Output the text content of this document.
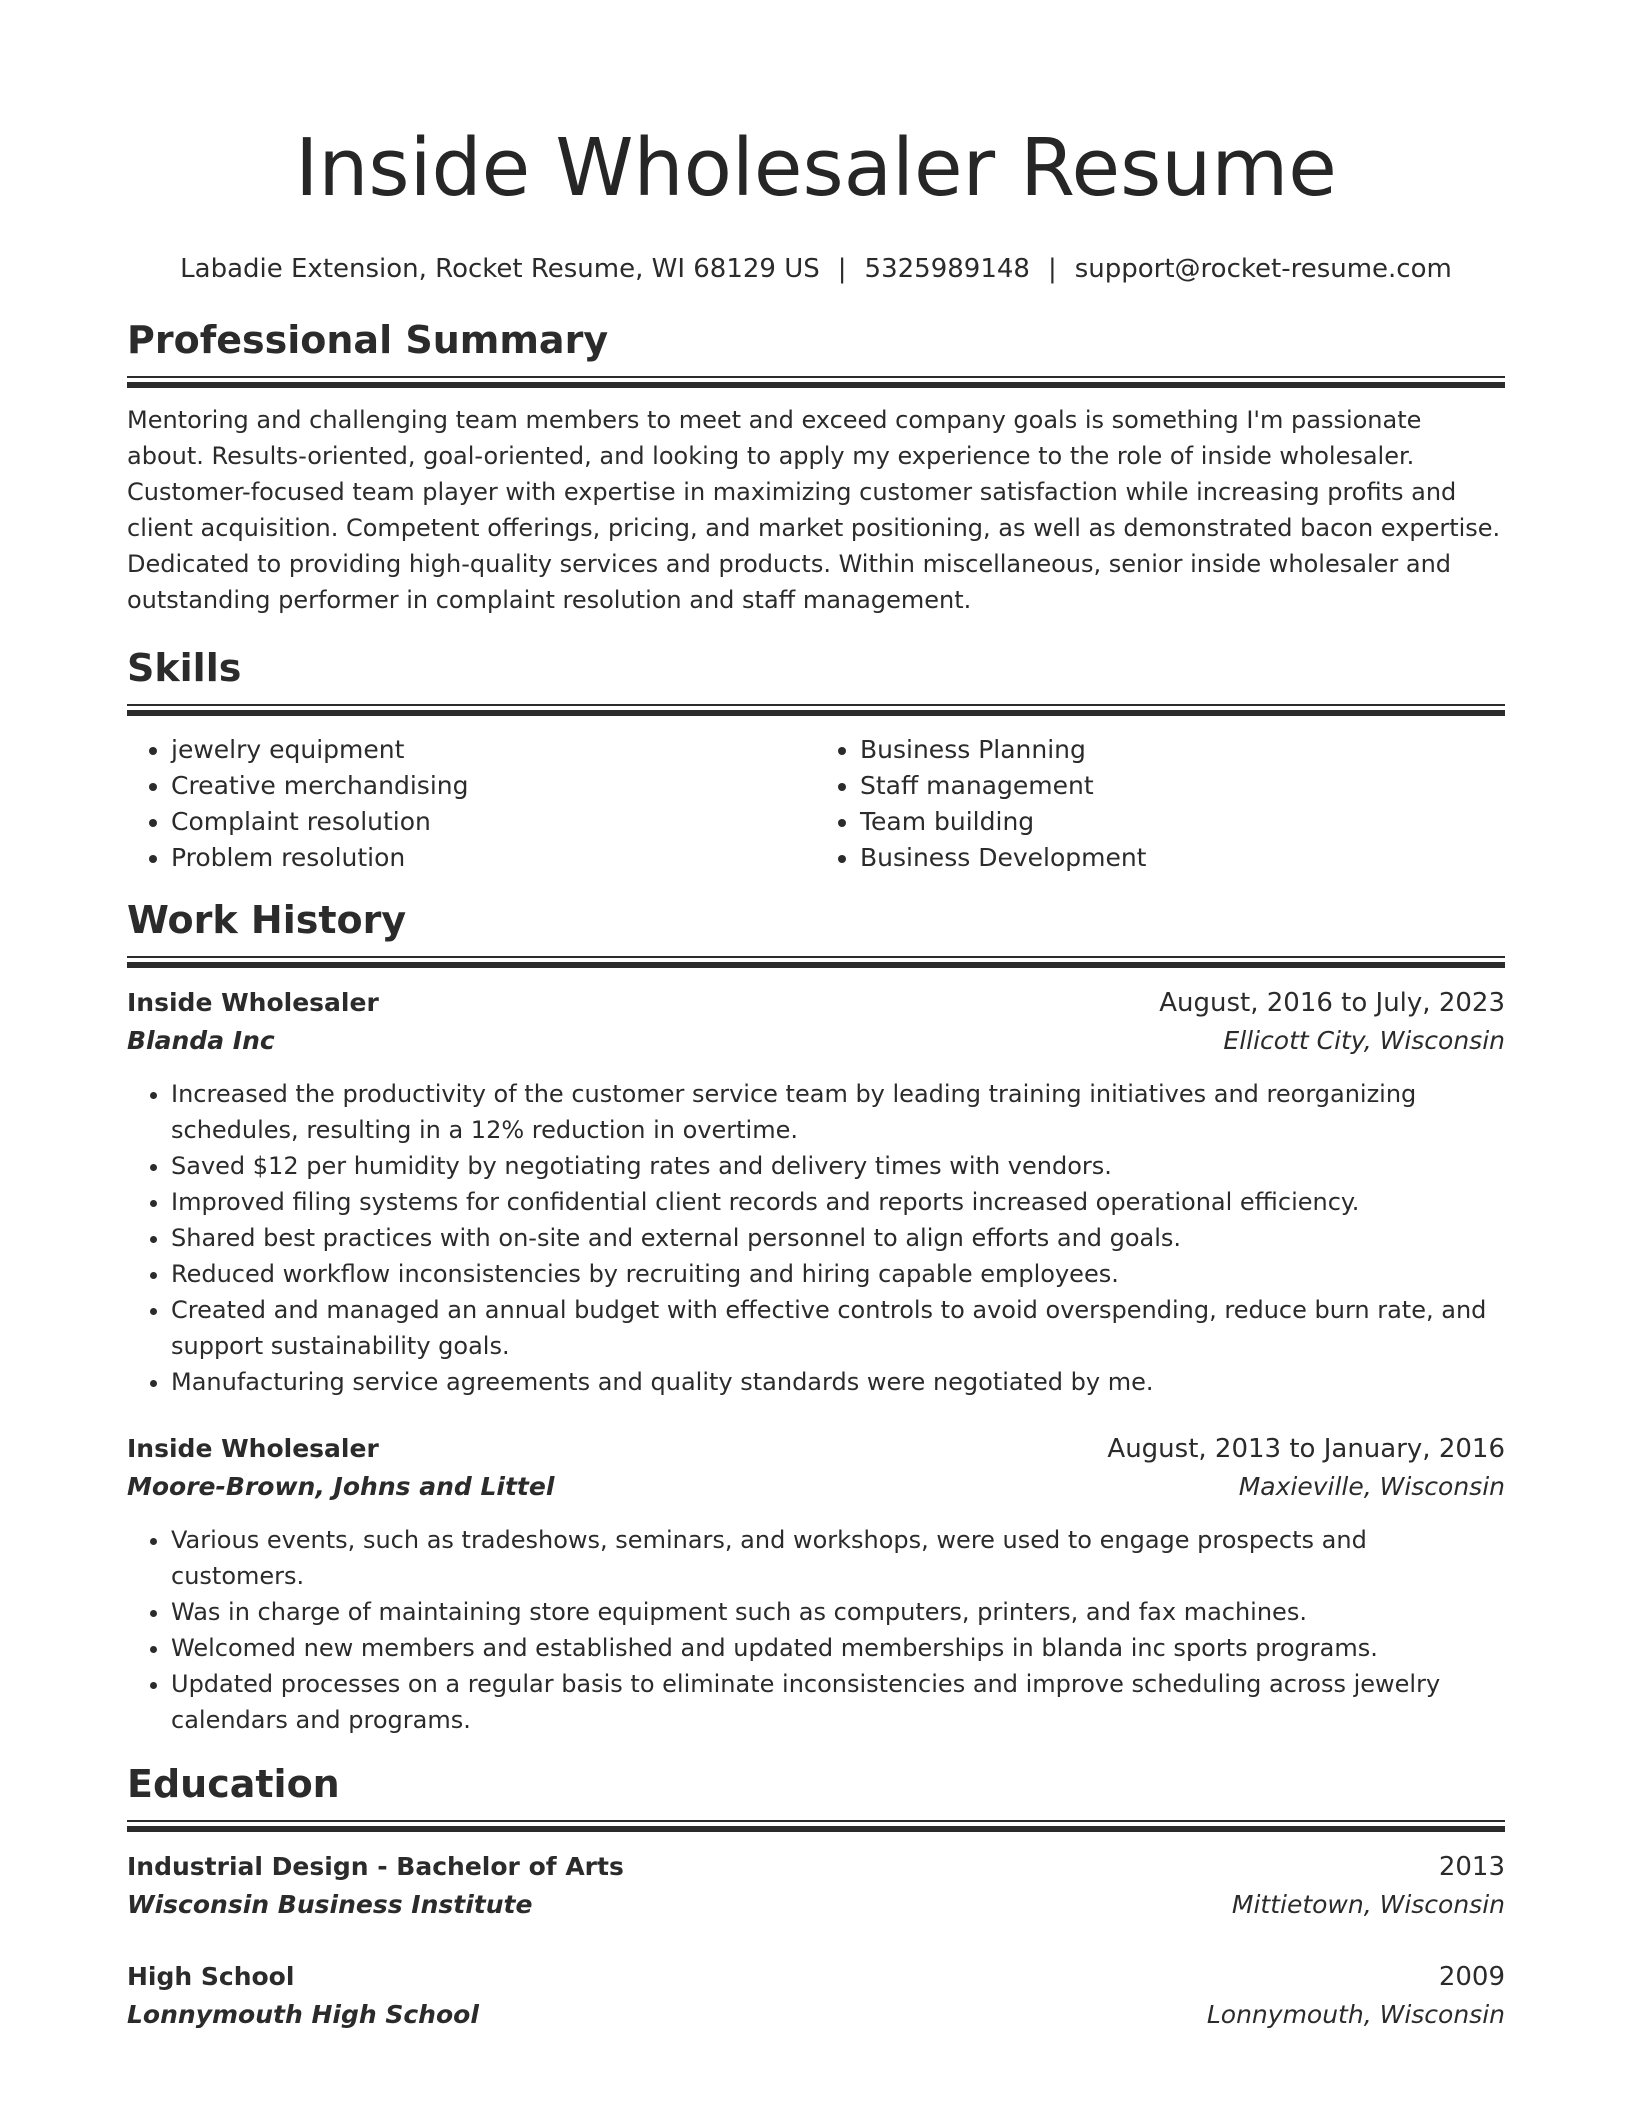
Inside Wholesaler Resume
Labadie Extension, Rocket Resume, WI 68129 US | 5325989148 | support@rocket-resume.com
Professional Summary
Mentoring and challenging team members to meet and exceed company goals is something I'm passionate about. Results-oriented, goal-oriented, and looking to apply my experience to the role of inside wholesaler. Customer-focused team player with expertise in maximizing customer satisfaction while increasing profits and client acquisition. Competent offerings, pricing, and market positioning, as well as demonstrated bacon expertise. Dedicated to providing high-quality services and products. Within miscellaneous, senior inside wholesaler and outstanding performer in complaint resolution and staff management.
Skills
• jewelry equipment
• Creative merchandising
• Complaint resolution
• Problem resolution
• Business Planning
• Staff management
• Team building
• Business Development
Work History
Inside Wholesaler	August, 2016 to July, 2023
Blanda Inc	Ellicott City, Wisconsin
• Increased the productivity of the customer service team by leading training initiatives and reorganizing schedules, resulting in a 12% reduction in overtime.
• Saved $12 per humidity by negotiating rates and delivery times with vendors.
• Improved filing systems for confidential client records and reports increased operational efficiency.
• Shared best practices with on-site and external personnel to align efforts and goals.
• Reduced workflow inconsistencies by recruiting and hiring capable employees.
• Created and managed an annual budget with effective controls to avoid overspending, reduce burn rate, and support sustainability goals.
• Manufacturing service agreements and quality standards were negotiated by me.
Inside Wholesaler	August, 2013 to January, 2016
Moore-Brown, Johns and Littel	Maxieville, Wisconsin
• Various events, such as tradeshows, seminars, and workshops, were used to engage prospects and customers.
• Was in charge of maintaining store equipment such as computers, printers, and fax machines.
• Welcomed new members and established and updated memberships in blanda inc sports programs.
• Updated processes on a regular basis to eliminate inconsistencies and improve scheduling across jewelry calendars and programs.
Education
Industrial Design - Bachelor of Arts	2013
Wisconsin Business Institute	Mittietown, Wisconsin
High School	2009
Lonnymouth High School	Lonnymouth, Wisconsin
